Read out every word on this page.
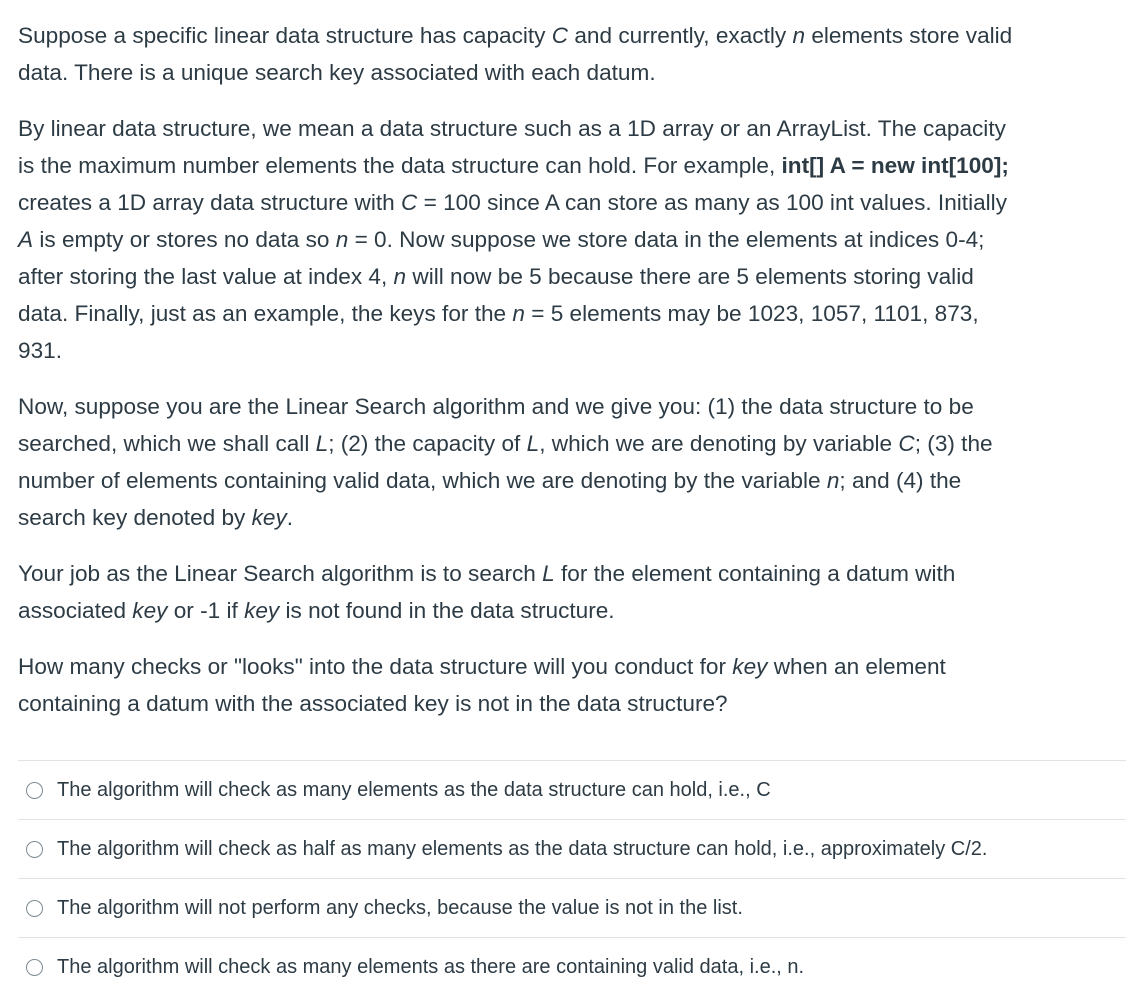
Suppose a specific linear data structure has capacity C and currently, exactly n elements store valid
data. There is a unique search key associated with each datum.

By linear data structure, we mean a data structure such as a 1D array or an ArrayList. The capacity
is the maximum number elements the data structure can hold. For example, int[] A = new int[100];
creates a 1D array data structure with C = 100 since A can store as many as 100 int values. Initially
A is empty or stores no data so n = 0. Now suppose we store data in the elements at indices 0-4;
after storing the last value at index 4, n will now be 5 because there are 5 elements storing valid
data. Finally, just as an example, the keys for the n = 5 elements may be 1023, 1057, 1101, 873,
931.

Now, suppose you are the Linear Search algorithm and we give you: (1) the data structure to be
searched, which we shall call L; (2) the capacity of L, which we are denoting by variable C; (3) the
number of elements containing valid data, which we are denoting by the variable n; and (4) the
search key denoted by key.

Your job as the Linear Search algorithm is to search L for the element containing a datum with
associated key or -1 if key is not found in the data structure.

How many checks or "looks" into the data structure will you conduct for key when an element
containing a datum with the associated key is not in the data structure?

The algorithm will check as many elements as the data structure can hold, i.e., C
The algorithm will check as half as many elements as the data structure can hold, i.e., approximately C/2.
The algorithm will not perform any checks, because the value is not in the list.
The algorithm will check as many elements as there are containing valid data, i.e., n.
